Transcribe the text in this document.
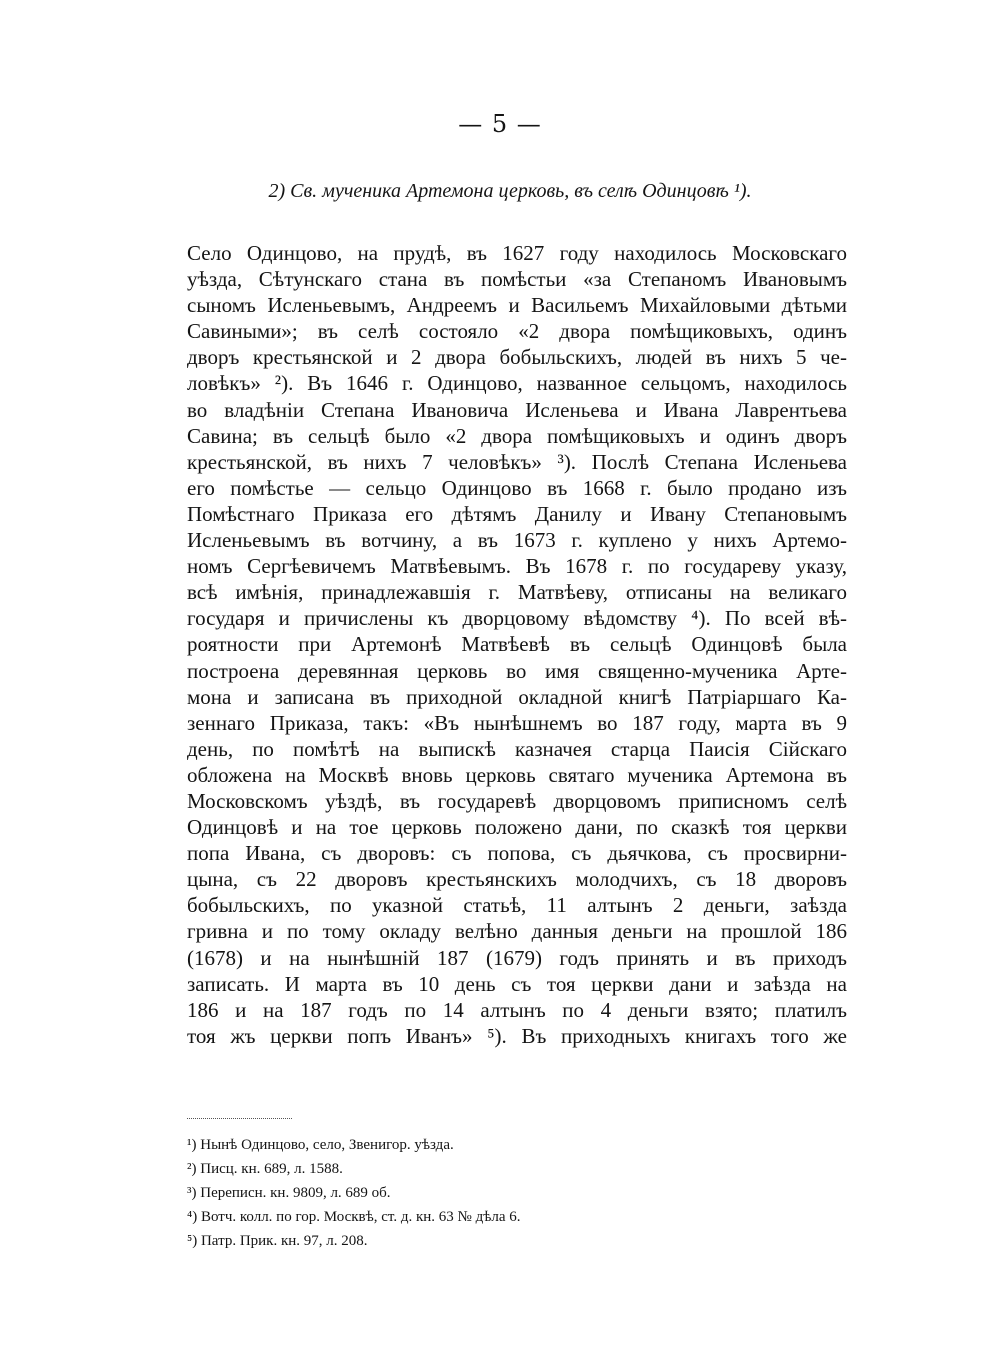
— 5 —
2) Св. мученика Артемона церковь, въ селѣ Одинцовѣ ¹).
Село Одинцово, на прудѣ, въ 1627 году находилось Московскаго
уѣзда, Сѣтунскаго стана въ помѣстьи «за Степаномъ Ивановымъ
сыномъ Исленьевымъ, Андреемъ и Васильемъ Михайловыми дѣтьми
Савиными»; въ селѣ состояло «2 двора помѣщиковыхъ, одинъ
дворъ крестьянской и 2 двора бобыльскихъ, людей въ нихъ 5 че-
ловѣкъ» ²). Въ 1646 г. Одинцово, названное сельцомъ, находилось
во владѣніи Степана Ивановича Исленьева и Ивана Лаврентьева
Савина; въ сельцѣ было «2 двора помѣщиковыхъ и одинъ дворъ
крестьянской, въ нихъ 7 человѣкъ» ³). Послѣ Степана Исленьева
его помѣстье — сельцо Одинцово въ 1668 г. было продано изъ
Помѣстнаго Приказа его дѣтямъ Данилу и Ивану Степановымъ
Исленьевымъ въ вотчину, а въ 1673 г. куплено у нихъ Артемо-
номъ Сергѣевичемъ Матвѣевымъ. Въ 1678 г. по государеву указу,
всѣ имѣнія, принадлежавшія г. Матвѣеву, отписаны на великаго
государя и причислены къ дворцовому вѣдомству ⁴). По всей вѣ-
роятности при Артемонѣ Матвѣевѣ въ сельцѣ Одинцовѣ была
построена деревянная церковь во имя священно-мученика Арте-
мона и записана въ приходной окладной книгѣ Патріаршаго Ка-
зеннаго Приказа, такъ: «Въ нынѣшнемъ во 187 году, марта въ 9
день, по помѣтѣ на выпискѣ казначея старца Паисія Сійскаго
обложена на Москвѣ вновь церковь святаго мученика Артемона въ
Московскомъ уѣздѣ, въ государевѣ дворцовомъ приписномъ селѣ
Одинцовѣ и на тое церковь положено дани, по сказкѣ тоя церкви
попа Ивана, съ дворовъ: съ попова, съ дьячкова, съ просвирни-
цына, съ 22 дворовъ крестьянскихъ молодчихъ, съ 18 дворовъ
бобыльскихъ, по указной статьѣ, 11 алтынъ 2 деньги, заѣзда
гривна и по тому окладу велѣно данныя деньги на прошлой 186
(1678) и на нынѣшній 187 (1679) годъ принять и въ приходъ
записать. И марта въ 10 день съ тоя церкви дани и заѣзда на
186 и на 187 годъ по 14 алтынъ по 4 деньги взято; платилъ
тоя жъ церкви попъ Иванъ» ⁵). Въ приходныхъ книгахъ того же
¹) Нынѣ Одинцово, село, Звенигор. уѣзда.
²) Писц. кн. 689, л. 1588.
³) Переписн. кн. 9809, л. 689 об.
⁴) Вотч. колл. по гор. Москвѣ, ст. д. кн. 63 № дѣла 6.
⁵) Патр. Прик. кн. 97, л. 208.
